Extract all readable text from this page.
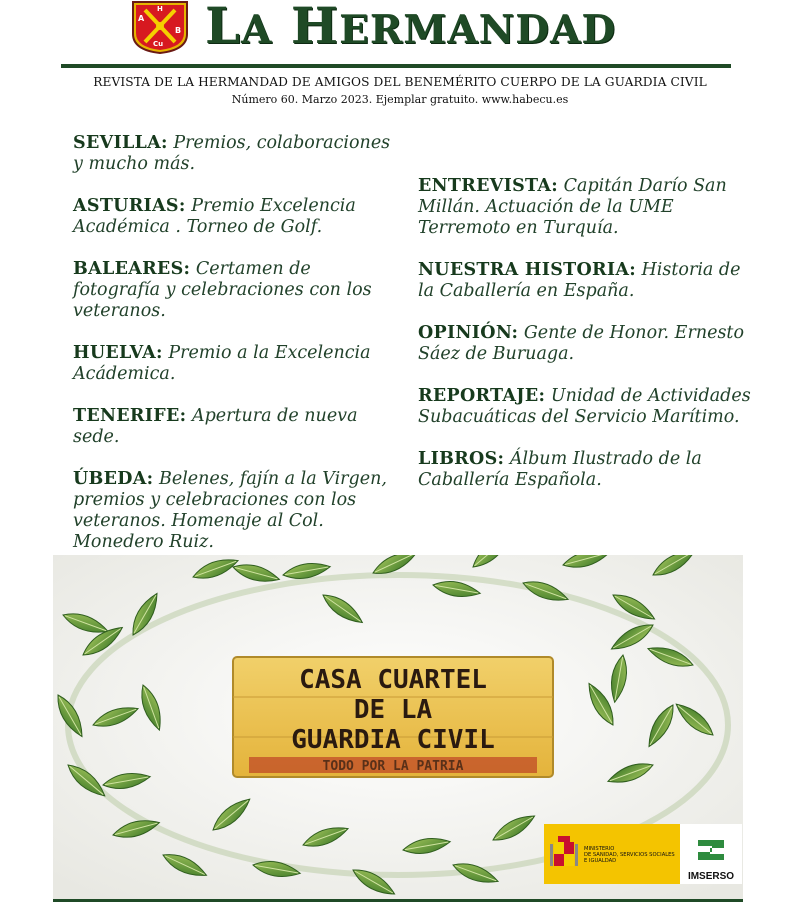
A
H
B
Cu LA HERMANDAD
REVISTA DE LA HERMANDAD DE AMIGOS DEL BENEMÉRITO CUERPO DE LA GUARDIA CIVIL
Número 60. Marzo 2023. Ejemplar gratuito. www.habecu.es
SEVILLA: Premios, colaboraciones y mucho más.
ASTURIAS: Premio Excelencia Académica . Torneo de Golf.
BALEARES: Certamen de fotografía y celebraciones con los veteranos.
HUELVA: Premio a la Excelencia Acádemica.
TENERIFE: Apertura de nueva sede.
ÚBEDA: Belenes, fajín a la Virgen, premios y celebraciones con los veteranos. Homenaje al Col. Monedero Ruiz.
ENTREVISTA: Capitán Darío San Millán. Actuación de la UME Terremoto en Turquía.
NUESTRA HISTORIA: Historia de la Caballería en España.
OPINIÓN: Gente de Honor. Ernesto Sáez de Buruaga.
REPORTAJE: Unidad de Actividades Subacuáticas del Servicio Marítimo.
LIBROS: Álbum Ilustrado de la Caballería Española.
CASA CUARTEL
DE LA
GUARDIA CIVIL
TODO POR LA PATRIA
MINISTERIO
DE SANIDAD, SERVICIOS SOCIALES
E IGUALDAD
IMSERSO
